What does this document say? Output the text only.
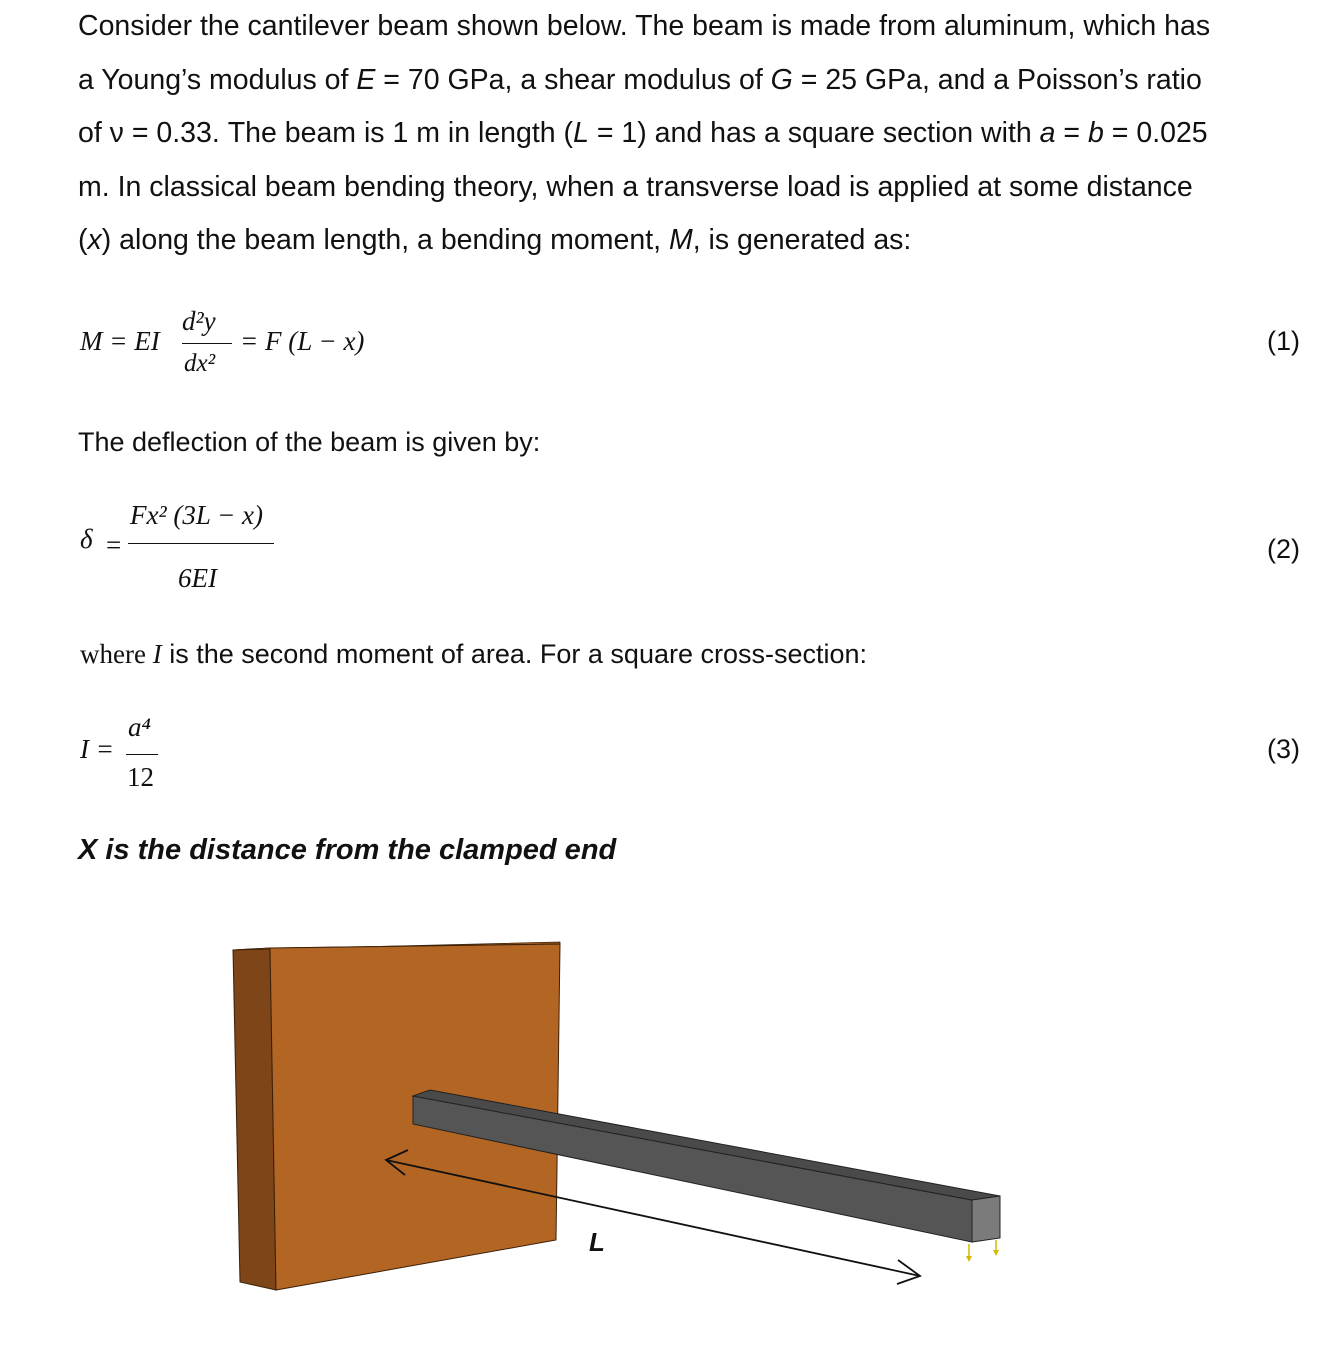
Consider the cantilever beam shown below. The beam is made from aluminum, which has
a Young’s modulus of E = 70 GPa, a shear modulus of G = 25 GPa, and a Poisson’s ratio
of ν = 0.33. The beam is 1 m in length (L = 1) and has a square section with a = b = 0.025
m. In classical beam bending theory, when a transverse load is applied at some distance
(x) along the beam length, a bending moment, M, is generated as:
M = EI
d²y
dx²
= F (L − x)	(1)
The deflection of the beam is given by:
δ =
Fx² (3L − x)
6EI
(2)
where I is the second moment of area. For a square cross-section:
I =
a⁴
12
(3)
X is the distance from the clamped end
L
